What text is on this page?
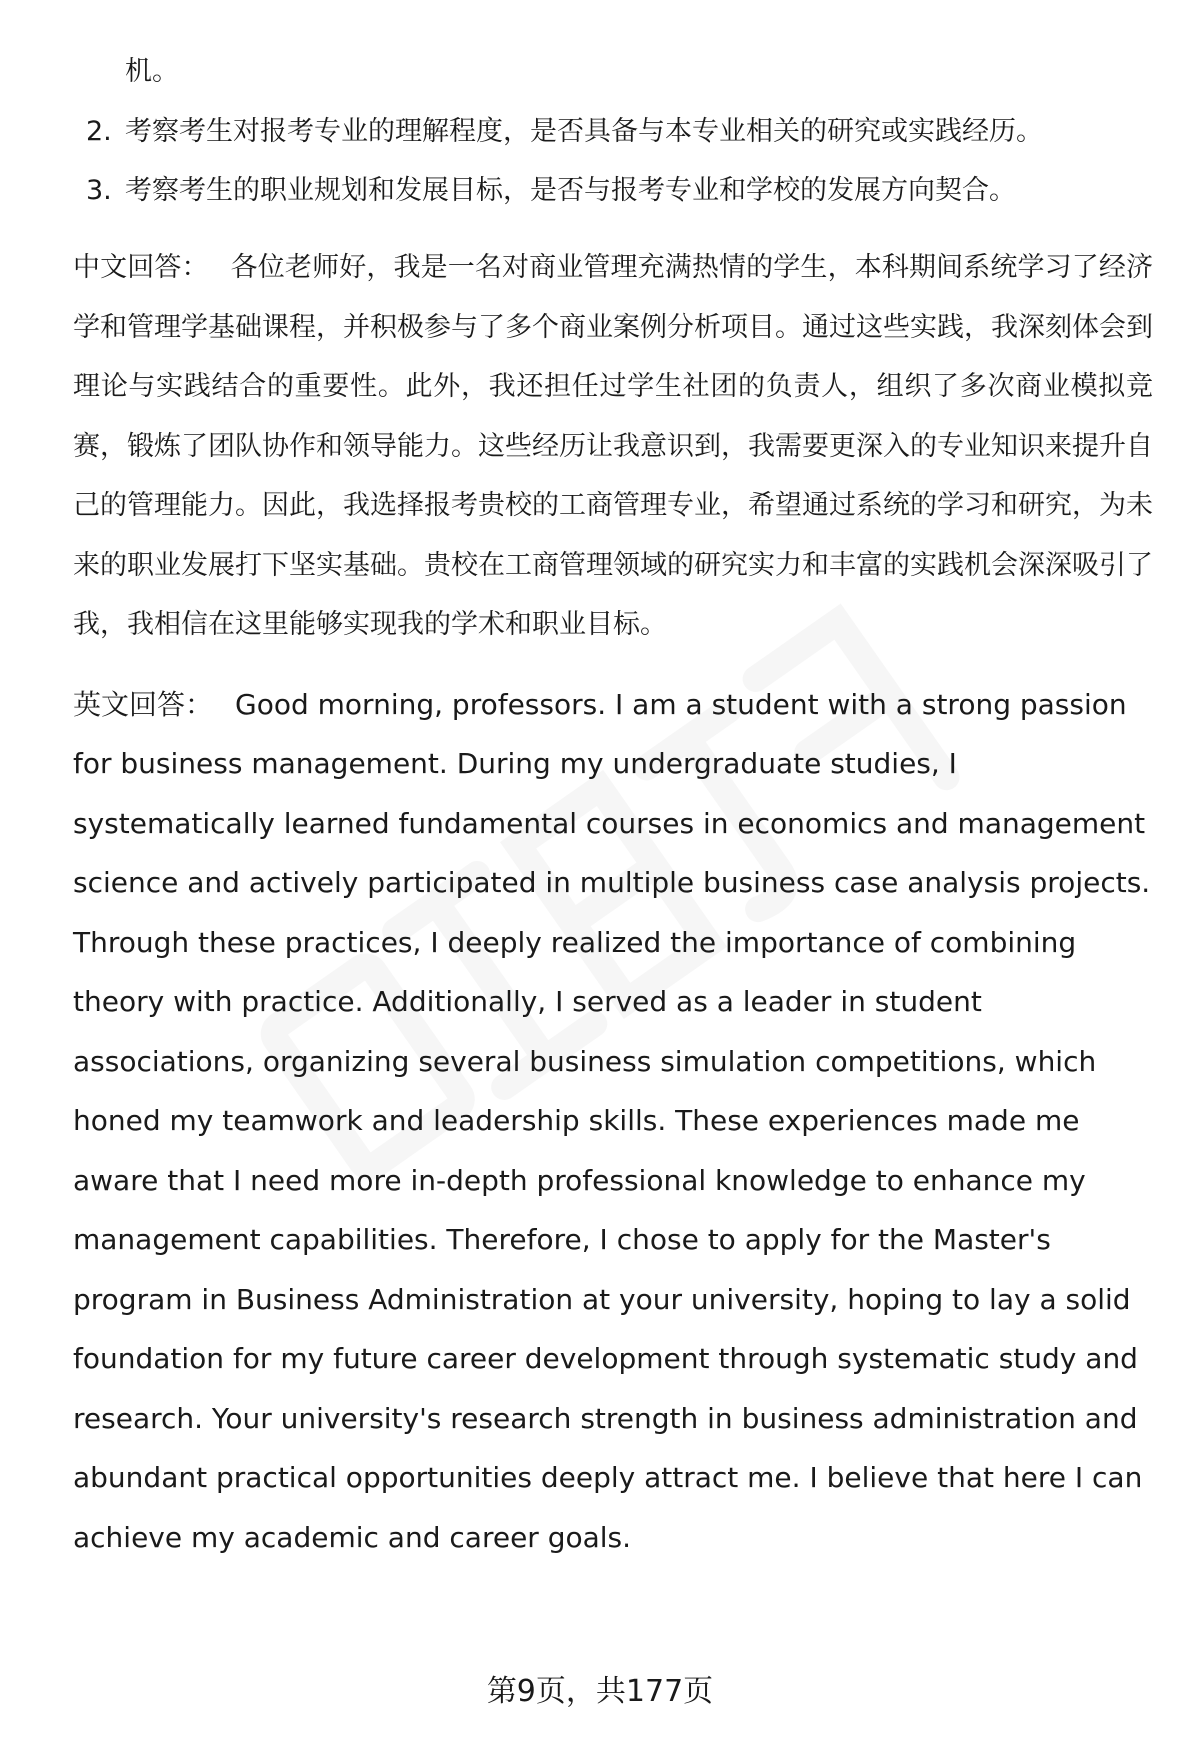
机。
2. 考察考生对报考专业的理解程度，是否具备与本专业相关的研究或实践经历。
3. 考察考生的职业规划和发展目标，是否与报考专业和学校的发展方向契合。

中文回答： 各位老师好，我是一名对商业管理充满热情的学生，本科期间系统学习了经济学和管理学基础课程，并积极参与了多个商业案例分析项目。通过这些实践，我深刻体会到理论与实践结合的重要性。此外，我还担任过学生社团的负责人，组织了多次商业模拟竞赛，锻炼了团队协作和领导能力。这些经历让我意识到，我需要更深入的专业知识来提升自己的管理能力。因此，我选择报考贵校的工商管理专业，希望通过系统的学习和研究，为未来的职业发展打下坚实基础。贵校在工商管理领域的研究实力和丰富的实践机会深深吸引了我，我相信在这里能够实现我的学术和职业目标。

英文回答： Good morning, professors. I am a student with a strong passion for business management. During my undergraduate studies, I systematically learned fundamental courses in economics and management science and actively participated in multiple business case analysis projects. Through these practices, I deeply realized the importance of combining theory with practice. Additionally, I served as a leader in student associations, organizing several business simulation competitions, which honed my teamwork and leadership skills. These experiences made me aware that I need more in-depth professional knowledge to enhance my management capabilities. Therefore, I chose to apply for the Master's program in Business Administration at your university, hoping to lay a solid foundation for my future career development through systematic study and research. Your university's research strength in business administration and abundant practical opportunities deeply attract me. I believe that here I can achieve my academic and career goals.

第9页，共177页
